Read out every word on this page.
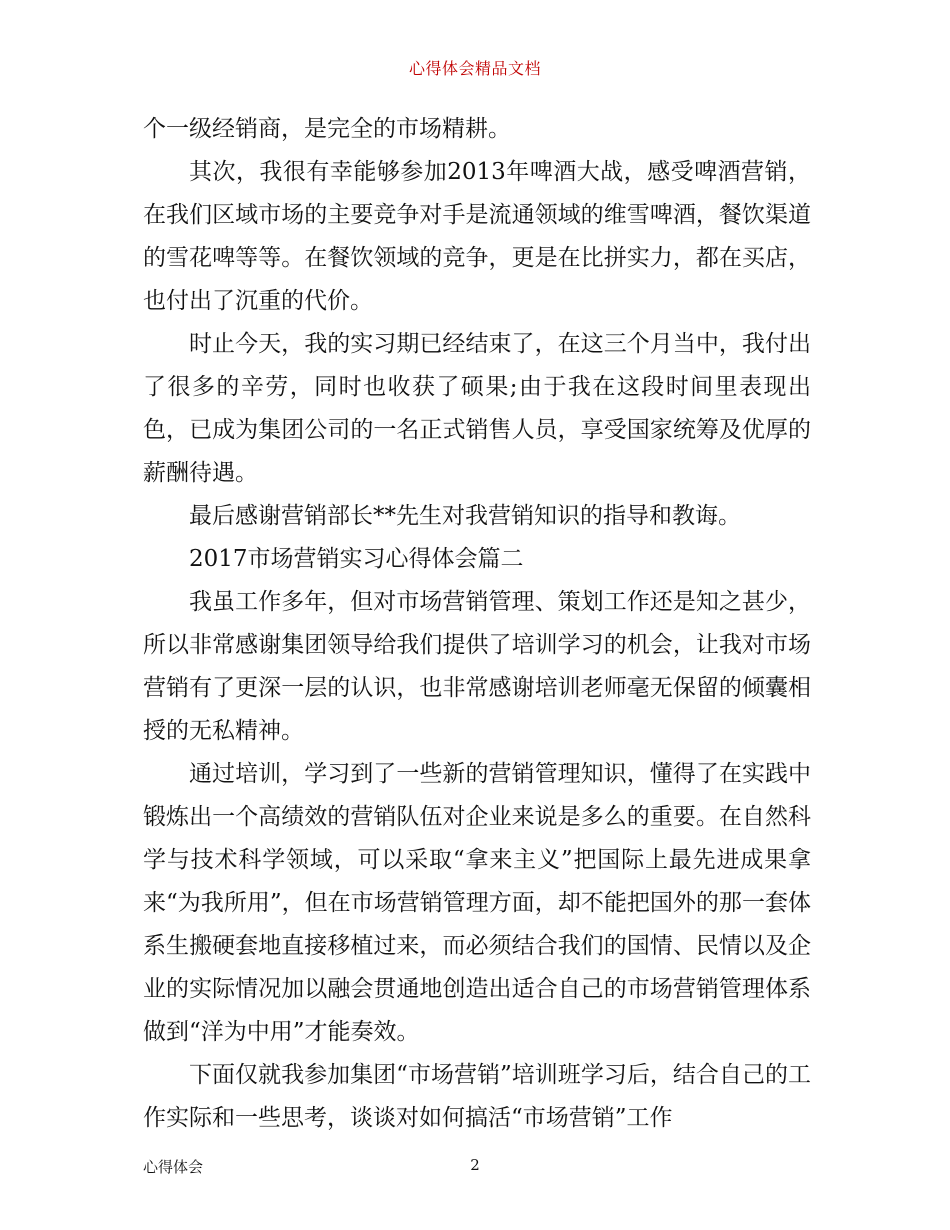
心得体会精品文档

个一级经销商，是完全的市场精耕。

其次，我很有幸能够参加2013年啤酒大战，感受啤酒营销，在我们区域市场的主要竞争对手是流通领域的维雪啤酒，餐饮渠道的雪花啤等等。在餐饮领域的竞争，更是在比拼实力，都在买店，也付出了沉重的代价。

时止今天，我的实习期已经结束了，在这三个月当中，我付出了很多的辛劳，同时也收获了硕果;由于我在这段时间里表现出色，已成为集团公司的一名正式销售人员，享受国家统筹及优厚的薪酬待遇。

最后感谢营销部长**先生对我营销知识的指导和教诲。

2017市场营销实习心得体会篇二

我虽工作多年，但对市场营销管理、策划工作还是知之甚少，所以非常感谢集团领导给我们提供了培训学习的机会，让我对市场营销有了更深一层的认识，也非常感谢培训老师毫无保留的倾囊相授的无私精神。

通过培训，学习到了一些新的营销管理知识，懂得了在实践中锻炼出一个高绩效的营销队伍对企业来说是多么的重要。在自然科学与技术科学领域，可以采取“拿来主义”把国际上最先进成果拿来“为我所用”，但在市场营销管理方面，却不能把国外的那一套体系生搬硬套地直接移植过来，而必须结合我们的国情、民情以及企业的实际情况加以融会贯通地创造出适合自己的市场营销管理体系做到“洋为中用”才能奏效。

下面仅就我参加集团“市场营销”培训班学习后，结合自己的工作实际和一些思考，谈谈对如何搞活“市场营销”工作

心得体会	2
